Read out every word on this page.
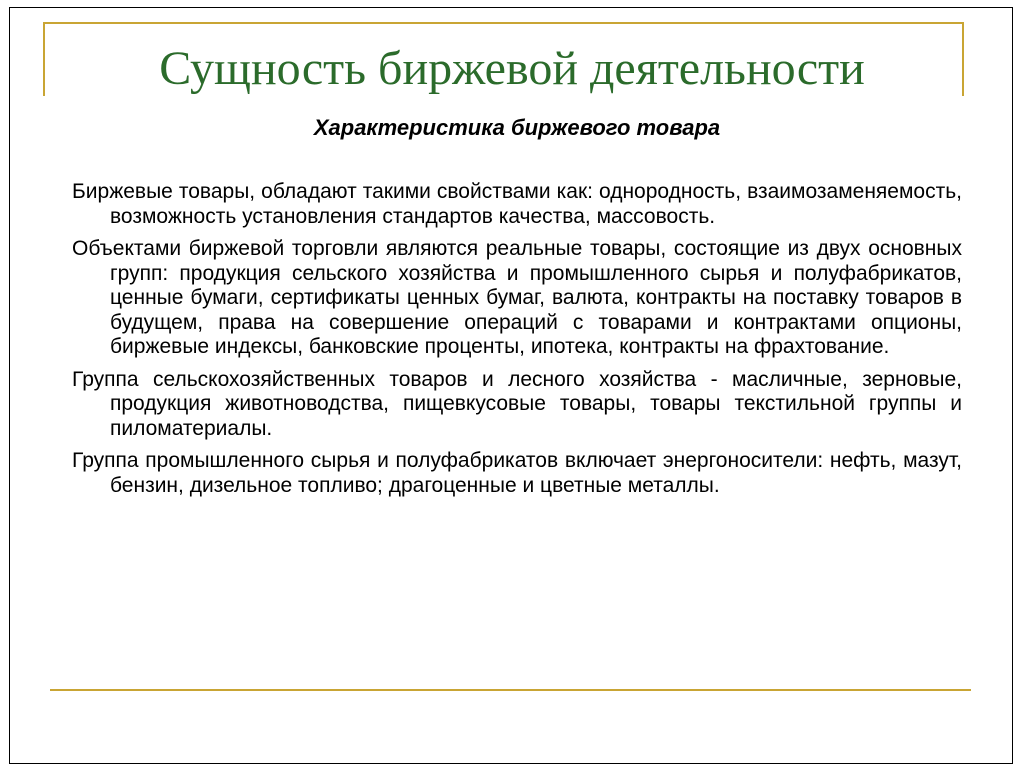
Сущность биржевой деятельности
Характеристика биржевого товара

Биржевые товары, обладают такими свойствами как: однородность, взаимозаменяемость, возможность установления стандартов качества, массовость.

Объектами биржевой торговли являются реальные товары, состоящие из двух основных групп: продукция сельского хозяйства и промышленного сырья и полуфабрикатов, ценные бумаги, сертификаты ценных бумаг, валюта, контракты на поставку товаров в будущем, права на совершение операций с товарами и контрактами опционы, биржевые индексы, банковские проценты, ипотека, контракты на фрахтование.

Группа сельскохозяйственных товаров и лесного хозяйства - масличные, зерновые, продукция животноводства, пищевкусовые товары, товары текстильной группы и пиломатериалы.

Группа промышленного сырья и полуфабрикатов включает энергоносители: нефть, мазут, бензин, дизельное топливо; драгоценные и цветные металлы.
